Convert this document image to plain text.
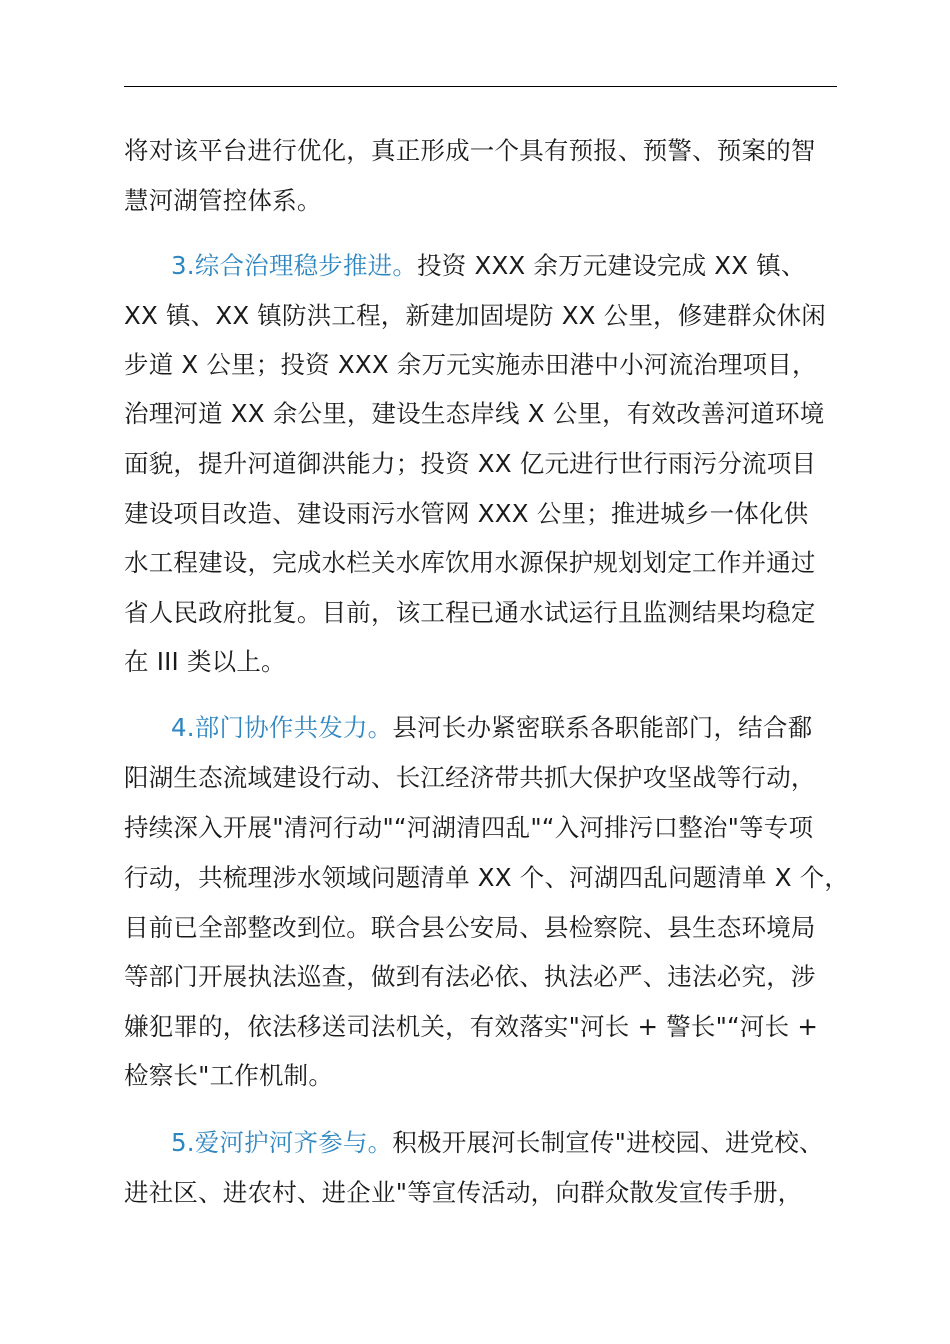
将对该平台进行优化，真正形成一个具有预报、预警、预案的智
慧河湖管控体系。
3.综合治理稳步推进。投资 XXX 余万元建设完成 XX 镇、
XX 镇、XX 镇防洪工程，新建加固堤防 XX 公里，修建群众休闲
步道 X 公里；投资 XXX 余万元实施赤田港中小河流治理项目，
治理河道 XX 余公里，建设生态岸线 X 公里，有效改善河道环境
面貌，提升河道御洪能力；投资 XX 亿元进行世行雨污分流项目
建设项目改造、建设雨污水管网 XXX 公里；推进城乡一体化供
水工程建设，完成水栏关水库饮用水源保护规划划定工作并通过
省人民政府批复。目前，该工程已通水试运行且监测结果均稳定
在 III 类以上。
4.部门协作共发力。县河长办紧密联系各职能部门，结合鄱
阳湖生态流域建设行动、长江经济带共抓大保护攻坚战等行动，
持续深入开展"清河行动"“河湖清四乱"“入河排污口整治"等专项
行动，共梳理涉水领域问题清单 XX 个、河湖四乱问题清单 X 个，
目前已全部整改到位。联合县公安局、县检察院、县生态环境局
等部门开展执法巡查，做到有法必依、执法必严、违法必究，涉
嫌犯罪的，依法移送司法机关，有效落实"河长 + 警长"“河长 +
检察长"工作机制。
5.爱河护河齐参与。积极开展河长制宣传"进校园、进党校、
进社区、进农村、进企业"等宣传活动，向群众散发宣传手册，
